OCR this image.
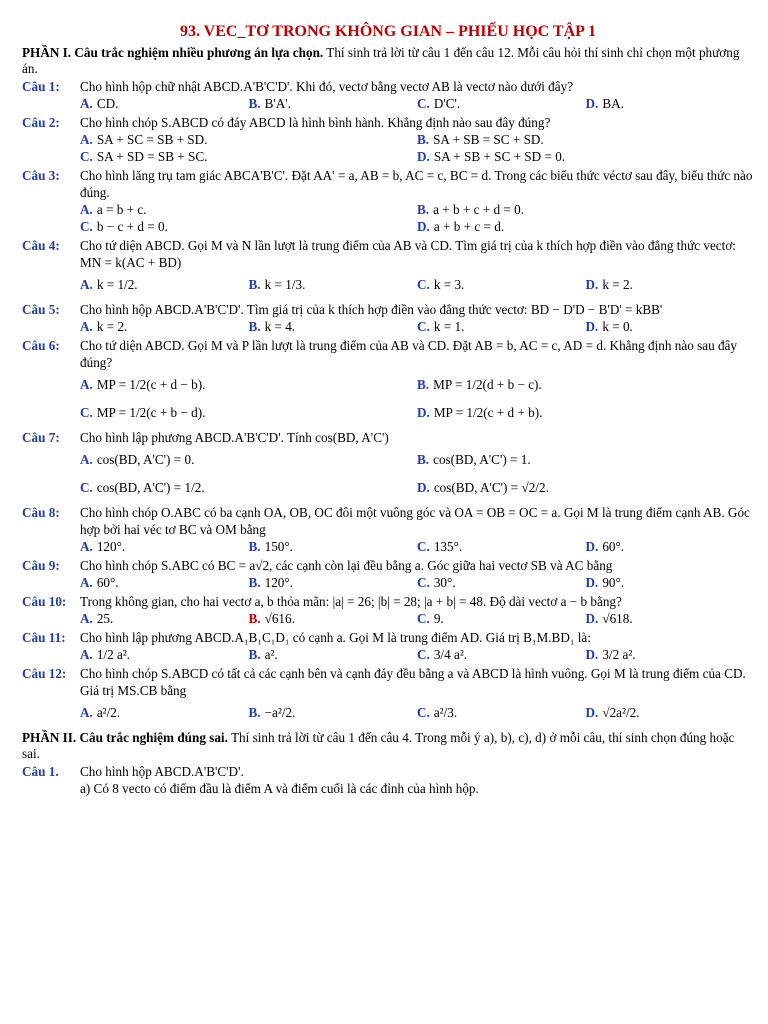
93. VEC_TƠ TRONG KHÔNG GIAN – PHIẾU HỌC TẬP 1
PHẦN I. Câu trắc nghiệm nhiều phương án lựa chọn. Thí sinh trả lời từ câu 1 đến câu 12. Mỗi câu hỏi thí sinh chỉ chọn một phương án.
Câu 1:	Cho hình hộp chữ nhật ABCD.A'B'C'D'. Khi đó, vectơ bằng vectơ AB là vectơ nào dưới đây?
A. CD.	B. B'A'.	C. D'C'.	D. BA.
Câu 2:	Cho hình chóp S.ABCD có đáy ABCD là hình bình hành. Khẳng định nào sau đây đúng?
A. SA + SC = SB + SD.	B. SA + SB = SC + SD.
C. SA + SD = SB + SC.	D. SA + SB + SC + SD = 0.
Câu 3:	Cho hình lăng trụ tam giác ABCA'B'C'. Đặt AA' = a, AB = b, AC = c, BC = d. Trong các biểu thức véctơ sau đây, biểu thức nào đúng.
A. a = b + c.	B. a + b + c + d = 0.
C. b − c + d = 0.	D. a + b + c = d.
Câu 4:	Cho tứ diện ABCD. Gọi M và N lần lượt là trung điểm của AB và CD. Tìm giá trị của k thích hợp điền vào đẳng thức vectơ: MN = k(AC + BD)
A. k = 1/2.	B. k = 1/3.	C. k = 3.	D. k = 2.
Câu 5:	Cho hình hộp ABCD.A'B'C'D'. Tìm giá trị của k thích hợp điền vào đẳng thức vectơ: BD − D'D − B'D' = kBB'
A. k = 2.	B. k = 4.	C. k = 1.	D. k = 0.
Câu 6:	Cho tứ diện ABCD. Gọi M và P lần lượt là trung điểm của AB và CD. Đặt AB = b, AC = c, AD = d. Khẳng định nào sau đây đúng?
A. MP = 1/2(c + d − b).	B. MP = 1/2(d + b − c).
C. MP = 1/2(c + b − d).	D. MP = 1/2(c + d + b).
Câu 7:	Cho hình lập phương ABCD.A'B'C'D'. Tính cos(BD, A'C')
A. cos(BD, A'C') = 0.	B. cos(BD, A'C') = 1.
C. cos(BD, A'C') = 1/2.	D. cos(BD, A'C') = √2/2.
Câu 8:	Cho hình chóp O.ABC có ba cạnh OA, OB, OC đôi một vuông góc và OA = OB = OC = a. Gọi M là trung điểm cạnh AB. Góc hợp bởi hai véc tơ BC và OM bằng
A. 120°.	B. 150°.	C. 135°.	D. 60°.
Câu 9:	Cho hình chóp S.ABC có BC = a√2, các cạnh còn lại đều bằng a. Góc giữa hai vectơ SB và AC bằng
A. 60°.	B. 120°.	C. 30°.	D. 90°.
Câu 10:	Trong không gian, cho hai vectơ a, b thỏa mãn: |a| = 26; |b| = 28; |a + b| = 48. Độ dài vectơ a − b bằng?
A. 25.	B. √616.	C. 9.	D. √618.
Câu 11:	Cho hình lập phương ABCD.A₁B₁C₁D₁ có cạnh a. Gọi M là trung điểm AD. Giá trị B₁M.BD₁ là:
A. 1/2 a².	B. a².	C. 3/4 a².	D. 3/2 a².
Câu 12:	Cho hình chóp S.ABCD có tất cả các cạnh bên và cạnh đáy đều bằng a và ABCD là hình vuông. Gọi M là trung điểm của CD. Giá trị MS.CB bằng
A. a²/2.	B. −a²/2.	C. a²/3.	D. √2a²/2.
PHẦN II. Câu trắc nghiệm đúng sai. Thí sinh trả lời từ câu 1 đến câu 4. Trong mỗi ý a), b), c), d) ở mỗi câu, thí sinh chọn đúng hoặc sai.
Câu 1.	Cho hình hộp ABCD.A'B'C'D'.
a) Có 8 vecto có điểm đầu là điểm A và điểm cuối là các đỉnh của hình hộp.
